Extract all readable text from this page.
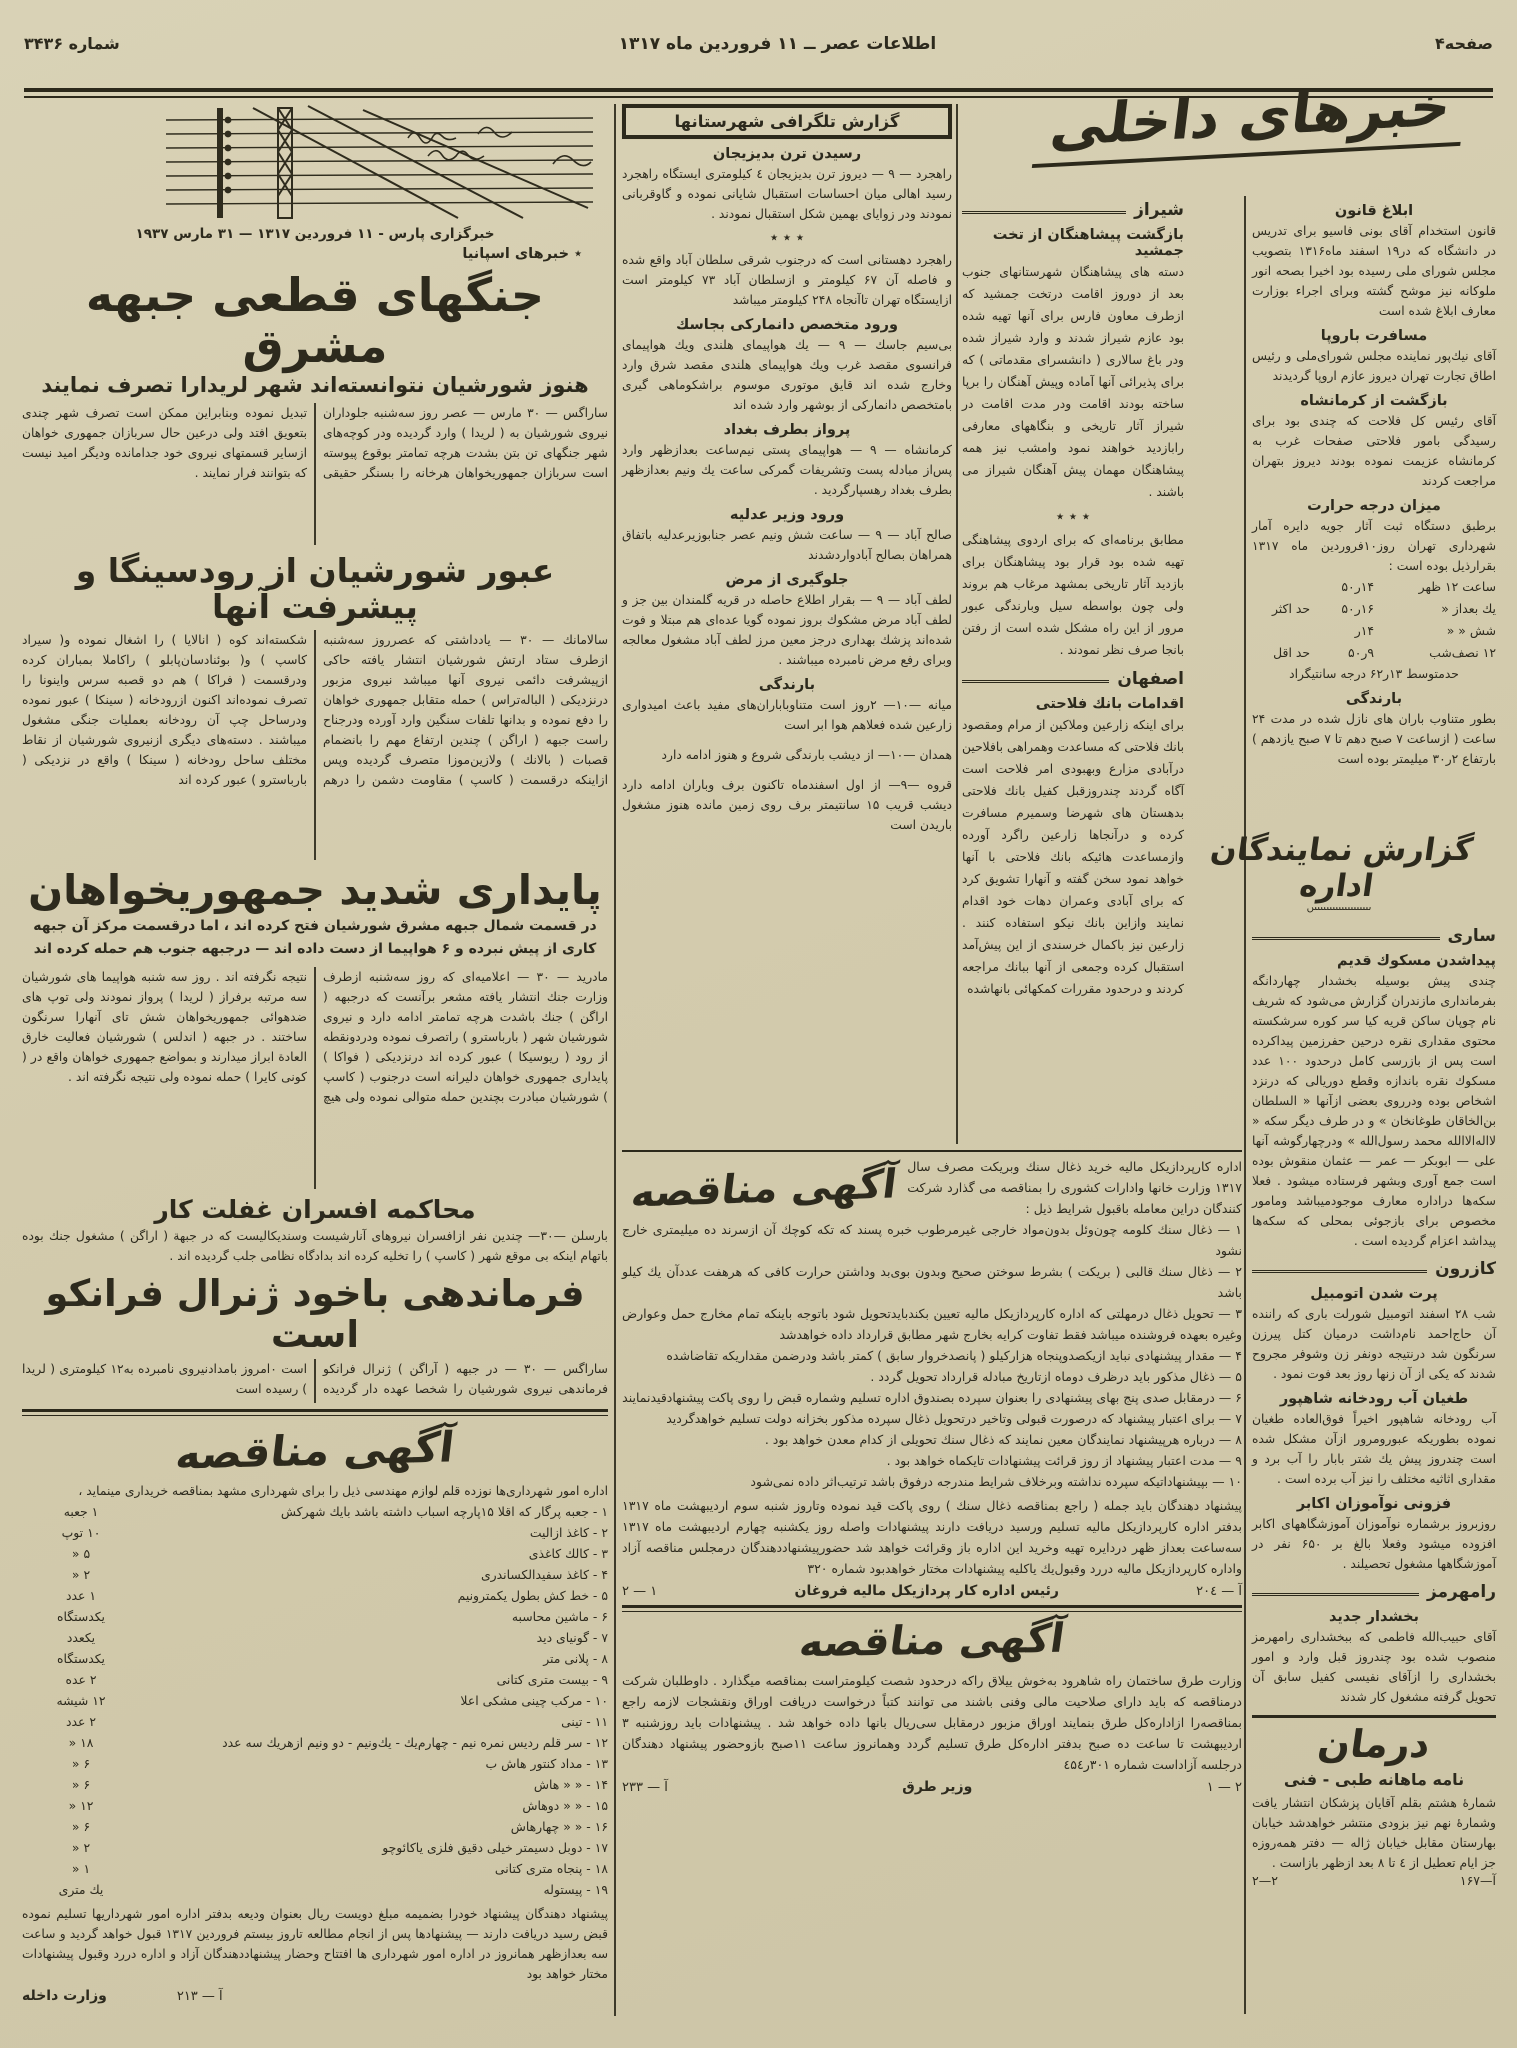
صفحه۴
اطلاعات عصر ــ ۱۱ فروردین ماه ۱۳۱۷
شماره ۳۴۳۶
خبرگزاری پارس - ۱۱ فروردین ۱۳۱۷ — ۳۱ مارس ۱۹۳۷
٭ خبرهای اسپانیا
جنگهای قطعی جبهه مشرق
هنوز شورشیان نتوانسته‌اند شهر لریدارا تصرف نمایند
ساراگس — ۳۰ مارس — عصر روز سه‌شنبه جلوداران نیروی شورشیان به ( لریدا ) وارد گردیده ودر کوچه‌های شهر جنگهای تن بتن بشدت هرچه تمامتر بوقوع پیوسته است سربازان جمهوریخواهان هرخانه را بسنگر حقیقی تبدیل نموده وبنابراین ممکن است تصرف شهر چندی بتعویق افتد ولی درعین حال سربازان جمهوری خواهان ازسایر قسمتهای نیروی خود جدامانده ودیگر امید نیست که بتوانند فرار نمایند .
عبور شورشیان از رودسینگا و پیشرفت آنها
سالامانك — ۳۰ — یادداشتی که عصرروز سه‌شنبه ازطرف ستاد ارتش شورشیان انتشار یافته حاکی ازپیشرفت دائمی نیروی آنها میباشد نیروی مزبور درنزدیکی ( الباله‌تراس ) حمله متقابل جمهوری خواهان را دفع نموده و بدانها تلفات سنگین وارد آورده ودرجناح راست جبهه ( اراگن ) چندین ارتفاع مهم را بانضمام قصبات ( بالانك ) ولازین‌موزا متصرف گردیده وپس ازاینکه درقسمت ( کاسپ ) مقاومت دشمن را درهم شکسته‌اند کوه ( انالایا ) را اشغال نموده و( سیراد کاسپ ) و( بوئنادسان‌پابلو ) راکاملا بمباران کرده ودرقسمت ( فراکا ) هم دو قصبه سرس واینونا را تصرف نموده‌اند اکنون ازرودخانه ( سینکا ) عبور نموده ودرساحل چپ آن رودخانه بعملیات جنگی مشغول میباشند . دسته‌های دیگری ازنیروی شورشیان از نقاط مختلف ساحل رودخانه ( سینکا ) واقع در نزدیکی ( بارباسترو ) عبور کرده اند
پایداری شدید جمهوریخواهان
در قسمت شمال جبهه مشرق شورشیان فتح کرده اند ، اما درقسمت مرکز آن جبهه کاری از پیش نبرده و ۶ هواپیما از دست داده اند — درجبهه جنوب هم حمله کرده اند
مادرید — ۳۰ — اعلامیه‌ای که روز سه‌شنبه ازطرف وزارت جنك انتشار یافته مشعر برآنست که درجبهه ( اراگن ) جنك باشدت هرچه تمامتر ادامه دارد و نیروی شورشیان شهر ( بارباسترو ) راتصرف نموده ودردونقطه از رود ( ریوسیکا ) عبور کرده اند درنزدیکی ( فواکا ) پایداری جمهوری خواهان دلیرانه است درجنوب ( کاسپ ) شورشیان مبادرت بچندین حمله متوالی نموده ولی هیچ نتیجه نگرفته اند . روز سه شنبه هواپیما های شورشیان سه مرتبه برفراز ( لریدا ) پرواز نمودند ولی توپ های ضدهوائی جمهوریخواهان شش تای آنهارا سرنگون ساختند . در جبهه ( اندلس ) شورشیان فعالیت خارق العادة ابراز میدارند و بمواضع جمهوری خواهان واقع در ( کونی کایرا ) حمله نموده ولی نتیجه نگرفته اند .
محاکمه افسران غفلت کار
بارسلن —۳۰— چندین نفر ازافسران نیروهای آنارشیست وسندیکالیست که در جبهة ( اراگن ) مشغول جنك بوده باتهام اینکه بی موقع شهر ( کاسپ ) را تخلیه کرده اند بدادگاه نظامی جلب گردیده اند .
فرماندهی باخود ژنرال فرانکو است
ساراگس — ۳۰ — در جبهه ( آراگن ) ژنرال فرانکو فرماندهی نیروی شورشیان را شخصا عهده دار گردیده است ۰امروز بامدادنیروی نامبرده به۱۲ کیلومتری ( لریدا ) رسیده است
آگهی مناقصه
اداره امور شهرداری‌ها نوزده قلم لوازم مهندسی ذیل را برای شهرداری مشهد بمناقصه خریداری مینماید ،
۱ - جعبه پرگار که اقلا ۱۵پارچه اسباب داشته باشد بایك شهرکش
۱ جعبه
۲ - کاغذ ازالیت
۱۰ توپ
۳ - کالك کاغذی
۵ «
۴ - کاغذ سفیدالکساندری
۲ «
۵ - خط کش بطول یکمترونیم
۱ عدد
۶ - ماشین محاسبه
یکدستگاه
۷ - گونیای دید
یکعدد
۸ - پلانی متر
یکدستگاه
۹ - بیست متری کتانی
۲ عده
۱۰ - مرکب چینی مشکی اعلا
۱۲ شیشه
۱۱ - تینی
۲ عدد
۱۲ - سر قلم ردیس نمره نیم - چهارم‌یك - یك‌ونیم - دو ونیم ازهریك سه عدد
۱۸ «
۱۳ - مداد کنتور هاش ب
۶ «
۱۴ - « « هاش
۶ «
۱۵ - « « دوهاش
۱۲ «
۱۶ - « « چهارهاش
۶ «
۱۷ - دوبل دسیمتر خیلی دقیق فلزی یاکائوچو
۲ «
۱۸ - پنجاه متری کتانی
۱ «
۱۹ - پیستوله
یك متری
پیشنهاد دهندگان پیشنهاد خودرا بضمیمه مبلغ دویست ریال بعنوان ودیعه بدفتر اداره امور شهرداریها تسلیم نموده قبض رسید دریافت دارند — پیشنهادها پس از انجام مطالعه تاروز بیستم فروردین ۱۳۱۷ قبول خواهد گردید و ساعت سه بعدازظهر همانروز در اداره امور شهرداری ها افتتاح وحضار پیشنهاددهندگان آزاد و اداره دررد وقبول پیشنهادات مختار خواهد بود
آ — ۲۱۳
وزارت داخله
گزارش تلگرافی شهرستانها
رسیدن ترن بدیزیجان
راهجرد — ۹ — دیروز ترن بدیزیجان ٤ کیلومتری ایستگاه راهجرد رسید اهالی میان احساسات استقبال شایانی نموده و گاوقربانی نمودند ودر زوایای بهمین شکل استقبال نمودند .
٭ ٭ ٭
راهجرد دهستانی است که درجنوب شرقی سلطان آباد واقع شده و فاصله آن ۶۷ کیلومتر و ازسلطان آباد ۷۳ کیلومتر است ازایستگاه تهران تاآنجاه ۲۴۸ کیلومتر میباشد
ورود متخصص دانمارکی بجاسك
بی‌سیم جاسك — ۹ — یك هواپیمای هلندی ویك هواپیمای فرانسوی مقصد غرب ویك هواپیمای هلندی مقصد شرق وارد وخارج شده اند قایق موتوری موسوم براشکوماهی گیری بامتخصص دانمارکی از بوشهر وارد شده اند
پرواز بطرف بغداد
کرمانشاه — ۹ — هواپیمای پستی نیم‌ساعت بعدازظهر وارد پس‌از مبادله پست وتشریفات گمرکی ساعت یك ونیم بعدازظهر بطرف بغداد رهسپارگردید .
ورود وزیر عدلیه
صالح آباد — ۹ — ساعت شش ونیم عصر جنابوزیرعدلیه باتفاق همراهان بصالح آبادواردشدند
جلوگیری از مرض
لطف آباد — ۹ — بقرار اطلاع حاصله در قریه گلمندان بین جز و لطف آباد مرض مشکوك بروز نموده گویا عده‌ای هم مبتلا و فوت شده‌اند پزشك بهداری درجز معین مرز لطف آباد مشغول معالجه وبرای رفع مرض نامبرده میباشند .
بارندگی
میانه —۱۰— ۲روز است متناوباباران‌های مفید باعث امیدواری زارعین شده فعلاهم هوا ابر است
همدان —۱۰— از دیشب بارندگی شروع و هنوز ادامه دارد
قروه —۹— از اول اسفندماه تاکنون برف وباران ادامه دارد دیشب قریب ۱۵ سانتیمتر برف روی زمین مانده هنوز مشغول باریدن است
خبرهای داخلی
شیراز
بازگشت پیشاهنگان از تخت جمشید
دسته های پیشاهنگان شهرستانهای جنوب بعد از دوروز اقامت درتخت جمشید که ازطرف معاون فارس برای آنها تهیه شده بود عازم شیراز شدند و وارد شیراز شده ودر باغ سالاری ( دانشسرای مقدماتی ) که برای پذیرائی آنها آماده وپیش آهنگان را برپا ساخته بودند اقامت ودر مدت اقامت در شیراز آثار تاریخی و بنگاههای معارفی رابازدید خواهند نمود وامشب نیز همه پیشاهنگان مهمان پیش آهنگان شیراز می باشند .
٭ ٭ ٭
مطابق برنامه‌ای که برای اردوی پیشاهنگی تهیه شده بود قرار بود پیشاهنگان برای بازدید آثار تاریخی بمشهد مرغاب هم بروند ولی چون بواسطه سیل وبارندگی عبور مرور از این راه مشکل شده است از رفتن بانجا صرف نظر نمودند .
اصفهان
اقدامات بانك فلاحتی
برای اینکه زارعین وملاکین از مرام ومقصود بانك فلاحتی که مساعدت وهمراهی بافلاحین درآبادی مزارع وبهبودی امر فلاحت است آگاه گردند چندروزقبل کفیل بانك فلاحتی بدهستان های شهرضا وسمیرم مسافرت کرده و درآنجاها زارعین راگرد آورده وازمساعدت هائیکه بانك فلاحتی با آنها خواهد نمود سخن گفته و آنهارا تشویق کرد که برای آبادی وعمران دهات خود اقدام نمایند وازاین بانك نیکو استفاده کنند . زارعین نیز باکمال خرسندی از این پیش‌آمد استقبال کرده وجمعی از آنها ببانك مراجعه کردند و درحدود مقررات کمکهائی بانهاشده
ابلاغ قانون
قانون استخدام آقای بونی فاسیو برای تدریس در دانشگاه که در۱۹ اسفند ماه۱۳۱۶ بتصویب مجلس شورای ملی رسیده بود اخیرا بصحه انور ملوکانه نیز موشح گشته وبرای اجراء بوزارت معارف ابلاغ شده است
مسافرت باروپا
آقای نیك‌پور نماینده مجلس شورای‌ملی و رئیس اطاق تجارت تهران دیروز عازم اروپا گردیدند
بازگشت از کرمانشاه
آقای رئیس کل فلاحت که چندی بود برای رسیدگی بامور فلاحتی صفحات غرب به کرمانشاه عزیمت نموده بودند دیروز بتهران مراجعت کردند
میزان درجه حرارت
برطبق دستگاه ثبت آثار جویه دایره آمار شهرداری تهران روز۱۰فروردین ماه ۱۳۱۷ بقرارذیل بوده است :
ساعت ۱۲ ظهر
۱۴ر۵۰
یك بعداز «
۱۶ر۵۰
حد اکثر
شش « «
۱۴ر
۱۲ نصف‌شب
۹ر۵۰
حد اقل
حدمتوسط ۱۳ر۶۲ درجه سانتیگراد
بارندگی
بطور متناوب باران های نازل شده در مدت ۲۴ ساعت ( ازساعت ۷ صبح دهم تا ۷ صبح یازدهم ) بارتفاع ۲ر۳۰ میلیمتر بوده است
گزارش نمایندگان اداره
ںںںںںںںںںںںںںںںںںںںں
ساری
پیداشدن مسکوك قدیم
چندی پیش بوسیله بخشدار چهاردانگه بفرمانداری مازندران گزارش می‌شود که شریف نام چوپان ساکن قریه کیا سر کوره سرشکسته محتوی مقداری نقره درحین حفرزمین پیداکرده است پس از بازرسی کامل درحدود ۱۰۰ عدد مسکوك نقره باندازه وقطع دوریالی که درنزد اشخاص بوده ودرروی بعضی ازآنها « السلطان بن‌الخاقان طوغانخان » و در طرف دیگر سکه « لااله‌الاالله محمد رسول‌الله » ودرچهارگوشه آنها علی — ابوبکر — عمر — عثمان منقوش بوده است جمع آوری وبشهر فرستاده میشود . فعلا سکه‌ها دراداره معارف موجودمیباشد ومامور مخصوص برای بازجوئی بمحلی که سکه‌ها پیداشد اعزام گردیده است .
کازرون
پرت شدن اتومبیل
شب ۲۸ اسفند اتومبیل شورلت باری که راننده آن حاج‌احمد نام‌داشت درمیان کتل پیرزن سرنگون شد درنتیجه دونفر زن وشوفر مجروح شدند که یکی از آن زنها روز بعد فوت نمود .
طغیان آب رودخانه شاهپور
آب رودخانه شاهپور اخیراً فوق‌العاده طغیان نموده بطوریکه عبورومرور ازآن مشکل شده است چندروز پیش یك شتر بابار را آب برد و مقداری اثاثیه مختلف را نیز آب برده است .
فزونی نوآموزان اکابر
روزبروز برشماره نوآموزان آموزشگاههای اکابر افزوده میشود وفعلا بالغ بر ۶۵۰ نفر در آموزشگاهها مشغول تحصیلند .
رامهرمز
بخشدار جدید
آقای حبیب‌الله فاطمی که ببخشداری رامهرمز منصوب شده بود چندروز قبل وارد و امور بخشداری را ازآقای نفیسی کفیل سابق آن تحویل گرفته مشغول کار شدند
درمان
نامه ماهانه طبی - فنی
شمارهٔ هشتم بقلم آقایان پزشکان انتشار یافت وشمارهٔ نهم نیز بزودی منتشر خواهدشد خیابان بهارستان مقابل خیابان ژاله — دفتر همه‌روزه جز ایام تعطیل از ٤ تا ۸ بعد ازظهر بازاست .
آ—۱۶۷
۲—۲
آگهی مناقصه اداره کارپردازیکل مالیه خرید ذغال سنك وبریکت مصرف سال ۱۳۱۷ وزارت خانها وادارات کشوری را بمناقصه می گذارد شرکت کنندگان دراین معامله باقبول شرایط ذیل :
۱ — ذغال سنك کلومه چون‌وئل بدون‌مواد خارجی غیرمرطوب خبره پسند که تکه کوچك آن ازسرند ده میلیمتری خارج نشود
۲ — ذغال سنك قالبی ( بریکت ) بشرط سوختن صحیح وبدون بوی‌بد وداشتن حرارت کافی که هرهفت عددآن یك کیلو باشد
۳ — تحویل ذغال درمهلتی که اداره کارپردازیکل مالیه تعیین بکندبایدتحویل شود باتوجه باینکه تمام مخارج حمل وعوارض وغیره بعهده فروشنده میباشد فقط تفاوت کرایه بخارج شهر مطابق قرارداد داده خواهدشد
۴ — مقدار پیشنهادی نباید ازیکصدوپنجاه هزارکیلو ( پانصدخروار سابق ) کمتر باشد ودرضمن مقداریکه تقاضاشده
۵ — ذغال مذکور باید درظرف دوماه ازتاریخ مبادله قرارداد تحویل گردد .
۶ — درمقابل صدی پنج بهای پیشنهادی را بعنوان سپرده بصندوق اداره تسلیم وشماره قبض را روی پاکت پیشنهادقیدنمایند
۷ — برای اعتبار پیشنهاد که درصورت قبولی وتاخیر درتحویل ذغال سپرده مذکور بخزانه دولت تسلیم خواهدگردید
۸ — درباره هرپیشنهاد نمایندگان معین نمایند که ذغال سنك تحویلی از کدام معدن خواهد بود .
۹ — مدت اعتبار پیشنهاد از روز قرائت پیشنهادات تایکماه خواهد بود .
۱۰ — بپیشنهاداتیکه سپرده نداشته وبرخلاف شرایط مندرجه درفوق باشد ترتیب‌اثر داده نمی‌شود
پیشنهاد دهندگان باید جمله ( راجع بمناقصه ذغال سنك ) روی پاکت قید نموده وتاروز شنبه سوم اردیبهشت ماه ۱۳۱۷ بدفتر اداره کارپردازیکل مالیه تسلیم ورسید دریافت دارند پیشنهادات واصله روز یکشنبه چهارم اردیبهشت ماه ۱۳۱۷ سه‌ساعت بعداز ظهر دردایره تهیه وخرید این اداره باز وقرائت خواهد شد حضورپیشنهاددهندگان درمجلس مناقصه آزاد واداره کارپردازیکل مالیه دررد وقبول‌یك یاکلیه پیشنهادات مختار خواهدبود شماره ۳۲۰
آ — ۲۰٤
رئیس اداره کار پردازیکل مالیه فروغان
۱ — ۲
آگهی مناقصه
وزارت طرق ساختمان راه شاهرود به‌خوش ییلاق راکه درحدود شصت کیلومتراست بمناقصه میگذارد . داوطلبان شرکت درمناقصه که باید دارای صلاحیت مالی وفنی باشند می توانند کتباً درخواست دریافت اوراق ونقشجات لازمه راجع بمناقصه‌را ازاداره‌کل طرق بنمایند اوراق مزبور درمقابل سی‌ریال بانها داده خواهد شد . پیشنهادات باید روزشنبه ۳ اردیبهشت تا ساعت ده صبح بدفتر اداره‌کل طرق تسلیم گردد وهمانروز ساعت ۱۱صبح بازوحضور پیشنهاد دهندگان درجلسه آزاداست شماره ۳۰۱ر٤۵٤
۲ — ۱
وزیر طرق
آ — ۲۳۳
